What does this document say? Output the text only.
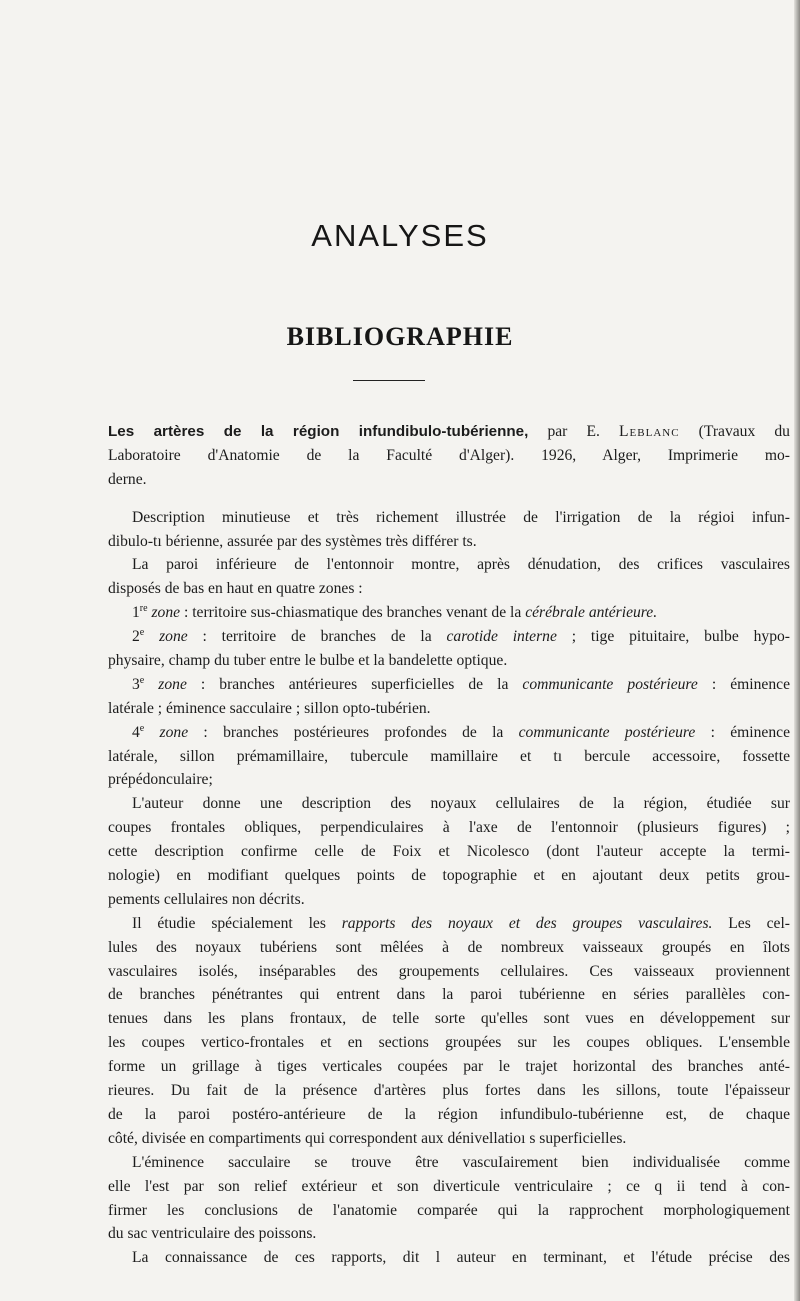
ANALYSES
BIBLIOGRAPHIE
Les artères de la région infundibulo-tubérienne, par E. Leblanc (Travaux du
Laboratoire d'Anatomie de la Faculté d'Alger). 1926, Alger, Imprimerie mo-
derne.
Description minutieuse et très richement illustrée de l'irrigation de la régioi infun-
dibulo-tı bérienne, assurée par des systèmes très différer ts.
La paroi inférieure de l'entonnoir montre, après dénudation, des crifices vasculaires
disposés de bas en haut en quatre zones :
1re zone : territoire sus-chiasmatique des branches venant de la cérébrale antérieure.
2e zone : territoire de branches de la carotide interne ; tige pituitaire, bulbe hypo-
physaire, champ du tuber entre le bulbe et la bandelette optique.
3e zone : branches antérieures superficielles de la communicante postérieure : éminence
latérale ; éminence sacculaire ; sillon opto-tubérien.
4e zone : branches postérieures profondes de la communicante postérieure : éminence
latérale, sillon prémamillaire, tubercule mamillaire et tı bercule accessoire, fossette
prépédonculaire;
L'auteur donne une description des noyaux cellulaires de la région, étudiée sur
coupes frontales obliques, perpendiculaires à l'axe de l'entonnoir (plusieurs figures) ;
cette description confirme celle de Foix et Nicolesco (dont l'auteur accepte la termi-
nologie) en modifiant quelques points de topographie et en ajoutant deux petits grou-
pements cellulaires non décrits.
Il étudie spécialement les rapports des noyaux et des groupes vasculaires. Les cel-
lules des noyaux tubériens sont mêlées à de nombreux vaisseaux groupés en îlots
vasculaires isolés, inséparables des groupements cellulaires. Ces vaisseaux proviennent
de branches pénétrantes qui entrent dans la paroi tubérienne en séries parallèles con-
tenues dans les plans frontaux, de telle sorte qu'elles sont vues en développement sur
les coupes vertico-frontales et en sections groupées sur les coupes obliques. L'ensemble
forme un grillage à tiges verticales coupées par le trajet horizontal des branches anté-
rieures. Du fait de la présence d'artères plus fortes dans les sillons, toute l'épaisseur
de la paroi postéro-antérieure de la région infundibulo-tubérienne est, de chaque
côté, divisée en compartiments qui correspondent aux dénivellatioı s superficielles.
L'éminence sacculaire se trouve être vascuIairement bien individualisée comme
elle l'est par son relief extérieur et son diverticule ventriculaire ; ce q ii tend à con-
firmer les conclusions de l'anatomie comparée qui la rapprochent morphologiquement
du sac ventriculaire des poissons.
La connaissance de ces rapports, dit l auteur en terminant, et l'étude précise des
